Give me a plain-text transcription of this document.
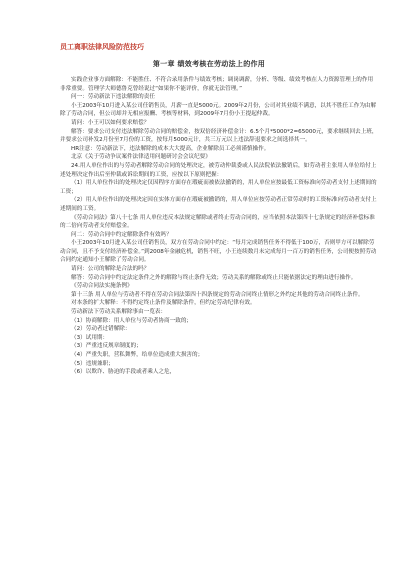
员工离职法律风险防范技巧
第一章 绩效考核在劳动法上的作用

实践企业事方面解除：不能胜任、不符合录用条件与绩效考核；调岗调薪，分析、等级、绩效考核在人力资源管理上的作用非常重要。管理学大师德鲁克曾经说过“如果你不能评价，你就无法管理。”

问一：劳动新法下违法解除的责任

小王2003年10月进入某公司任销售员，月薪一直是5000元。2009年2月份，公司对其业绩不满意，以其不胜任工作为由解除了劳动合同，但公司却并无相应报酬、考核等材料，到2009年7月份小王提起仲裁。

请问：小王可以如何要求赔偿？

解答：要求公司支付违法解除劳动合同的赔偿金，按双倍经济补偿金计：6.5个月*5000*2=65000元，要求继续回去上班，并要求公司补发2月份至7月份的工资，按每月5000元计，共三万元以上违法辞退要求之间选择其一。

HR注意：劳动新法下，违法解除的成本大大提高，企业解除员工必须谨慎操作。

北京《关于劳动争议案件法律适用问题研讨会会议纪要》

24.用人单位作出的与劳动者解除劳动合同的处理决定，被劳动仲裁委或人民法院依法撤销后，如劳动者主张用人单位给付上述处理决定作出后至仲裁或诉讼期间的工资，应按以下原则把握：

（1）用人单位作出的处理决定仅因程序方面存在瑕疵而被依法撤销的，用人单位应按最低工资标准向劳动者支付上述期间的工资；

（2）用人单位作出的处理决定因在实体方面存在瑕疵被撤销的，用人单位应按劳动者正常劳动时的工资标准向劳动者支付上述期间的工资。

《劳动合同法》第八十七条 用人单位违反本法规定解除或者终止劳动合同的，应当依照本法第四十七条规定的经济补偿标准的二倍向劳动者支付赔偿金。

问二：劳动合同中约定解除条件有效吗？

小王2003年10月进入某公司任销售员，双方在劳动合同中约定：“每月完成销售任务不得低于100万，否则甲方可以解除劳动合同，且不予支付经济补偿金。”到2008年金融危机，销售不旺，小王连续数月未完成每月一百万的销售任务，公司便按照劳动合同约定通知小王解除了劳动合同。

请问：公司的解除是合法的吗？

解答：劳动合同中约定法定条件之外的解除与终止条件无效；劳动关系的解除或终止只能依据法定的理由进行操作。

《劳动合同法实施条例》

第十三条 用人单位与劳动者不得在劳动合同法第四十四条规定的劳动合同终止情形之外约定其他的劳动合同终止条件。

对本条的扩大解释：不得约定终止条件及解除条件，但约定劳动纪律有效。

劳动新法下劳动关系解除事由一览表：

（1）协商解除：用人单位与劳动者协商一致的；

（2）劳动者过错解除：

（3）试用期：

（3）严重违反规章制度的；

（4）严重失职，营私舞弊，给单位造成重大损害的；

（5）违规兼职；

（6）以欺诈、胁迫的手段或者乘人之危，
